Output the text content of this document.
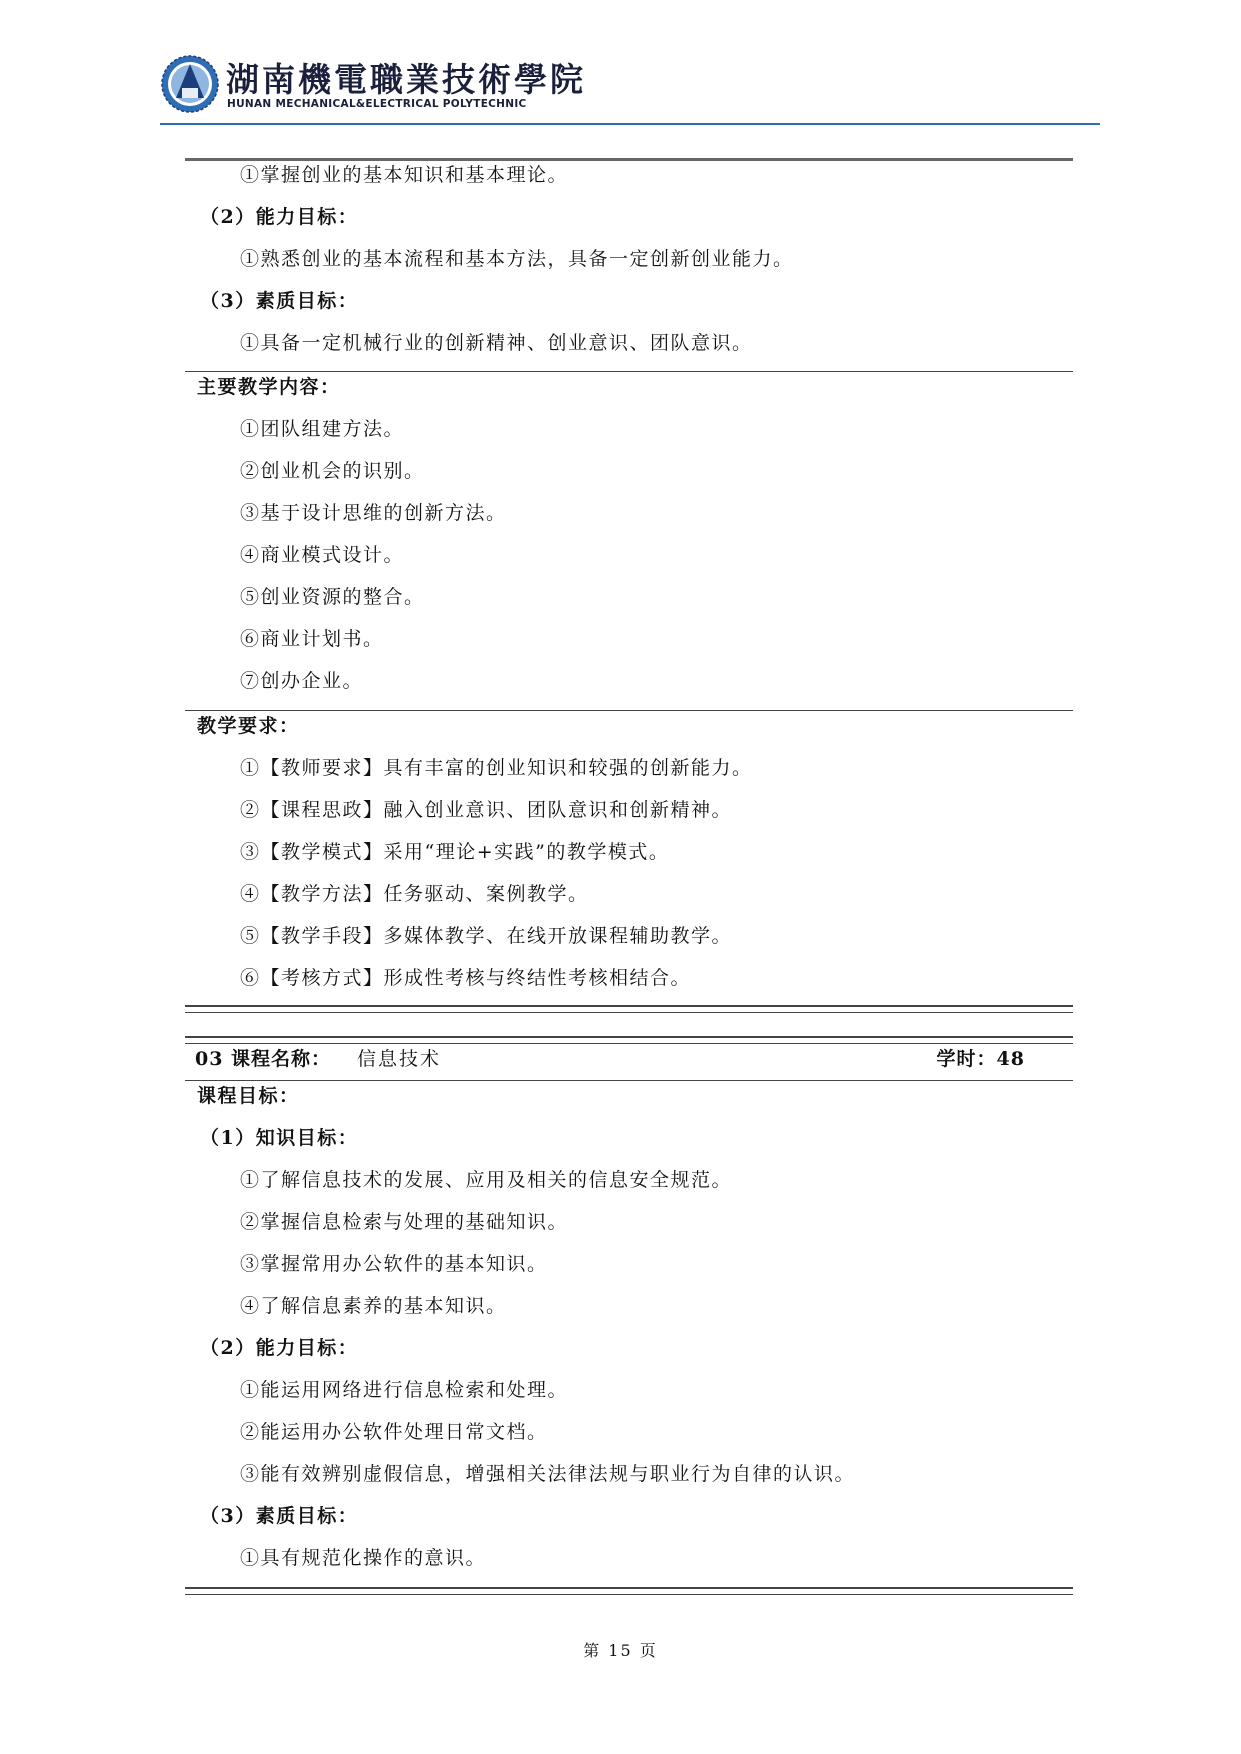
湖南機電職業技術學院
HUNAN MECHANICAL&ELECTRICAL POLYTECHNIC
①掌握创业的基本知识和基本理论。
（2）能力目标：
①熟悉创业的基本流程和基本方法，具备一定创新创业能力。
（3）素质目标：
①具备一定机械行业的创新精神、创业意识、团队意识。
主要教学内容：
①团队组建方法。
②创业机会的识别。
③基于设计思维的创新方法。
④商业模式设计。
⑤创业资源的整合。
⑥商业计划书。
⑦创办企业。
教学要求：
①【教师要求】具有丰富的创业知识和较强的创新能力。
②【课程思政】融入创业意识、团队意识和创新精神。
③【教学模式】采用“理论+实践”的教学模式。
④【教学方法】任务驱动、案例教学。
⑤【教学手段】多媒体教学、在线开放课程辅助教学。
⑥【考核方式】形成性考核与终结性考核相结合。
03 课程名称： 信息技术	学时：48
课程目标：
（1）知识目标：
①了解信息技术的发展、应用及相关的信息安全规范。
②掌握信息检索与处理的基础知识。
③掌握常用办公软件的基本知识。
④了解信息素养的基本知识。
（2）能力目标：
①能运用网络进行信息检索和处理。
②能运用办公软件处理日常文档。
③能有效辨别虚假信息，增强相关法律法规与职业行为自律的认识。
（3）素质目标：
①具有规范化操作的意识。
第 15 页
